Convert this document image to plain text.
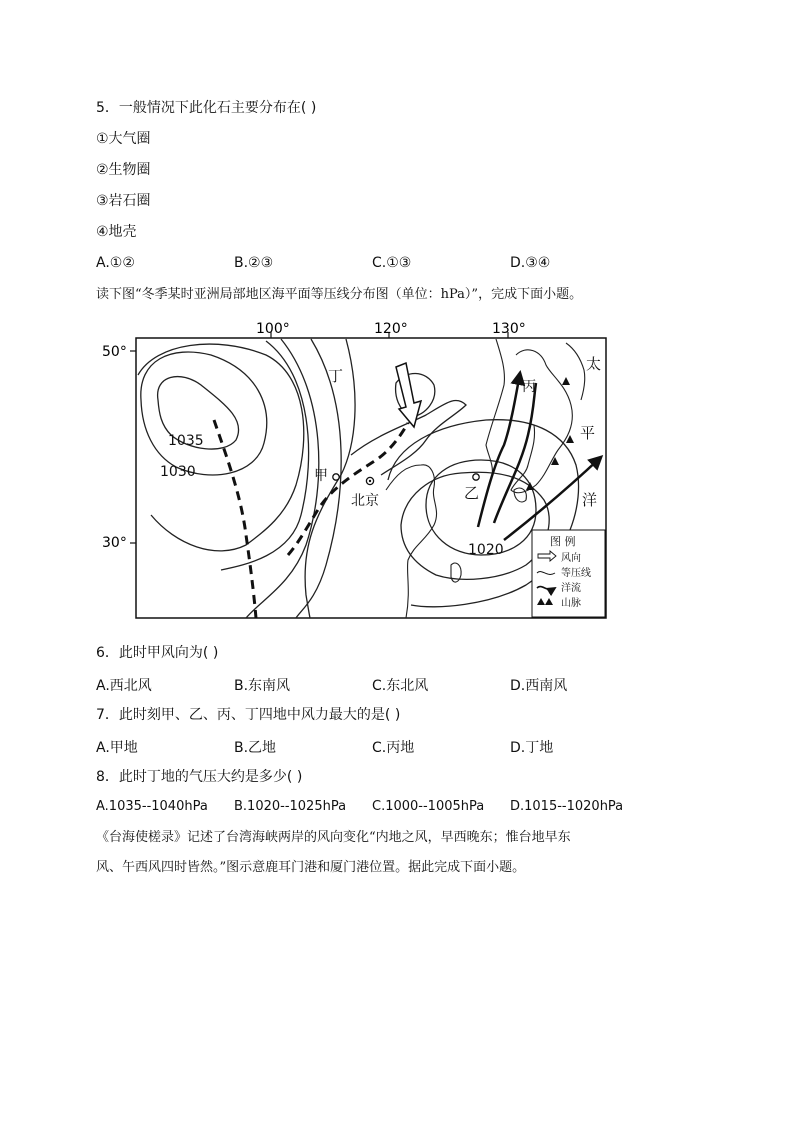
5．一般情况下此化石主要分布在( )
①大气圈
②生物圈
③岩石圈
④地壳
A.①②	B.②③	C.①③	D.③④
读下图“冬季某时亚洲局部地区海平面等压线分布图（单位：hPa）”，完成下面小题。
100°	120°	130°
50°
30°
1035
1030
1020
丁
甲
北京	乙
丙
太
平
洋
图 例
风向
等压线
洋流
山脉
6．此时甲风向为( )
A.西北风	B.东南风	C.东北风	D.西南风
7．此时刻甲、乙、丙、丁四地中风力最大的是( )
A.甲地	B.乙地	C.丙地	D.丁地
8．此时丁地的气压大约是多少( )
A.1035--1040hPa B.1020--1025hPa C.1000--1005hPa D.1015--1020hPa
《台海使槎录》记述了台湾海峡两岸的风向变化“内地之风，早西晚东；惟台地早东
风、午西风四时皆然。”图示意鹿耳门港和厦门港位置。据此完成下面小题。
